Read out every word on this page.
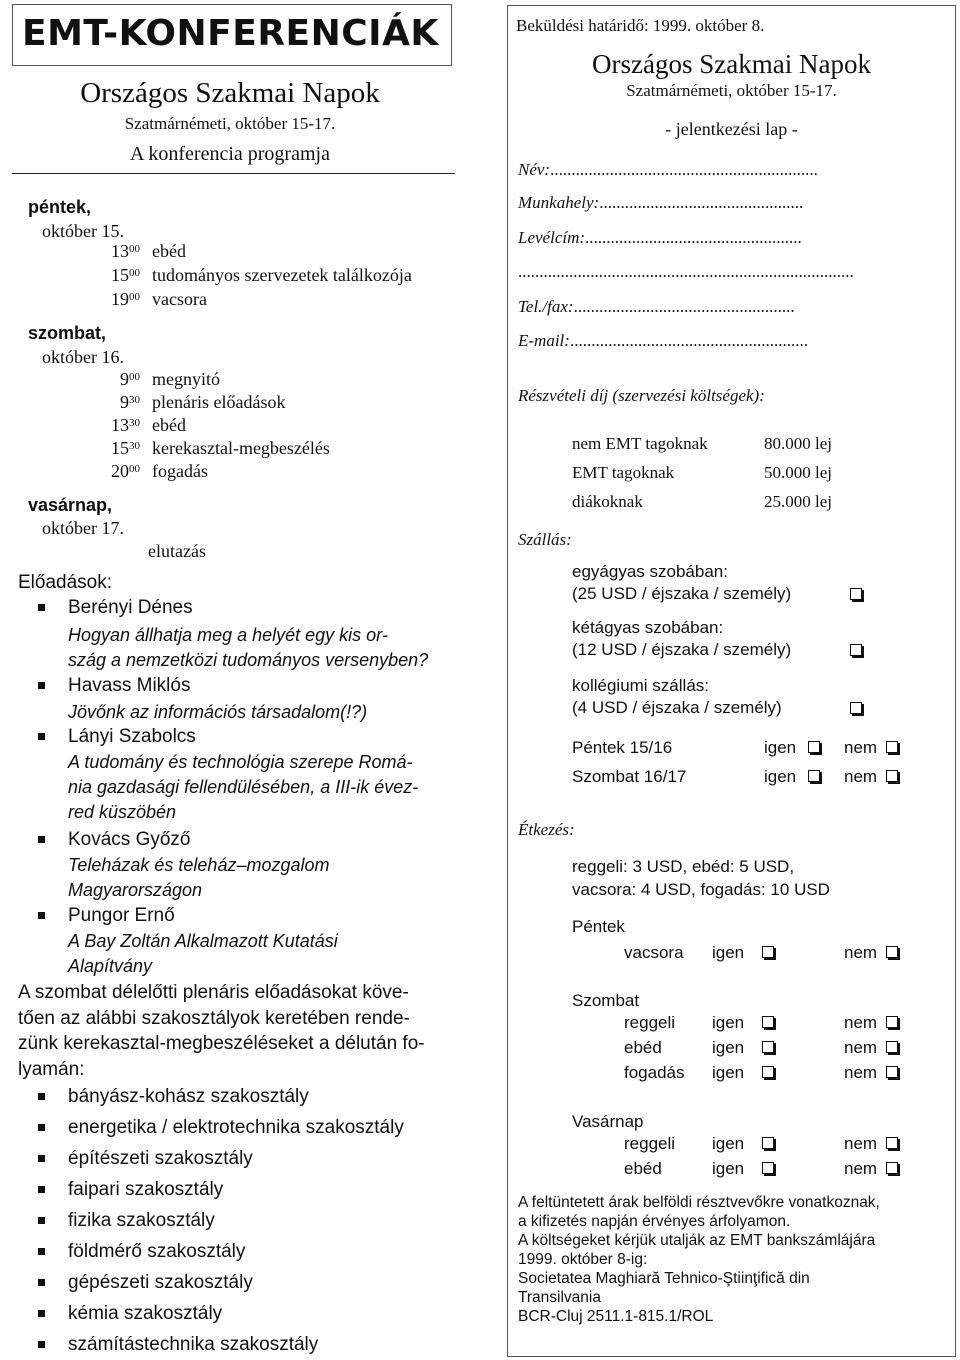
EMT-KONFERENCIÁK
Országos Szakmai Napok
Szatmárnémeti, október 15-17.
A konferencia programja
péntek,
október 15.
$13^{00}$ ebéd
$15^{00}$ tudományos szervezetek találkozója
$19^{00}$ vacsora
szombat,
október 16.
$9^{00}$ megnyitó
$9^{30}$ plenáris előadások
$13^{30}$ ebéd
$15^{30}$ kerekasztal-megbeszélés
$20^{00}$ fogadás
vasárnap,
október 17.
elutazás
Előadások:
Berényi Dénes
Hogyan állhatja meg a helyét egy kis or-
szág a nemzetközi tudományos versenyben?
Havass Miklós
Jövőnk az információs társadalom(!?)
Lányi Szabolcs
A tudomány és technológia szerepe Romá-
nia gazdasági fellendülésében, a III-ik évez-
red küszöbén
Kovács Győző
Teleházak és teleház–mozgalom
Magyarországon
Pungor Ernő
A Bay Zoltán Alkalmazott Kutatási
Alapítvány
A szombat délelőtti plenáris előadásokat köve-
tően az alábbi szakosztályok keretében rende-
zünk kerekasztal-megbeszéléseket a délután fo-
lyamán:
bányász-kohász szakosztály
energetika / elektrotechnika szakosztály
építészeti szakosztály
faipari szakosztály
fizika szakosztály
földmérő szakosztály
gépészeti szakosztály
kémia szakosztály
számítástechnika szakosztály
Beküldési határidő: 1999. október 8.
Országos Szakmai Napok
Szatmárnémeti, október 15-17.
- jelentkezési lap -
Név:...............................................................
Munkahely:................................................
Levélcím:...................................................
...............................................................................
Tel./fax:....................................................
E-mail:........................................................
Részvételi díj (szervezési költségek):
nem EMT tagoknak	80.000 lej
EMT tagoknak	50.000 lej
diákoknak	25.000 lej
Szállás:
egyágyas szobában:
(25 USD / éjszaka / személy)
kétágyas szobában:
(12 USD / éjszaka / személy)
kollégiumi szállás:
(4 USD / éjszaka / személy)
Péntek 15/16	igen	nem
Szombat 16/17	igen	nem
Étkezés:
reggeli: 3 USD, ebéd: 5 USD,
vacsora: 4 USD, fogadás: 10 USD
Péntek
vacsora igen	nem
Szombat
reggeli igen	nem
ebéd	igen	nem
fogadás igen	nem
Vasárnap
reggeli igen	nem
ebéd	igen	nem
A feltüntetett árak belföldi résztvevőkre vonatkoznak,
a kifizetés napján érvényes árfolyamon.
A költségeket kérjük utalják az EMT bankszámlájára
1999. október 8-ig:
Societatea Maghiară Tehnico-Ştiinţifică din
Transilvania
BCR-Cluj 2511.1-815.1/ROL
